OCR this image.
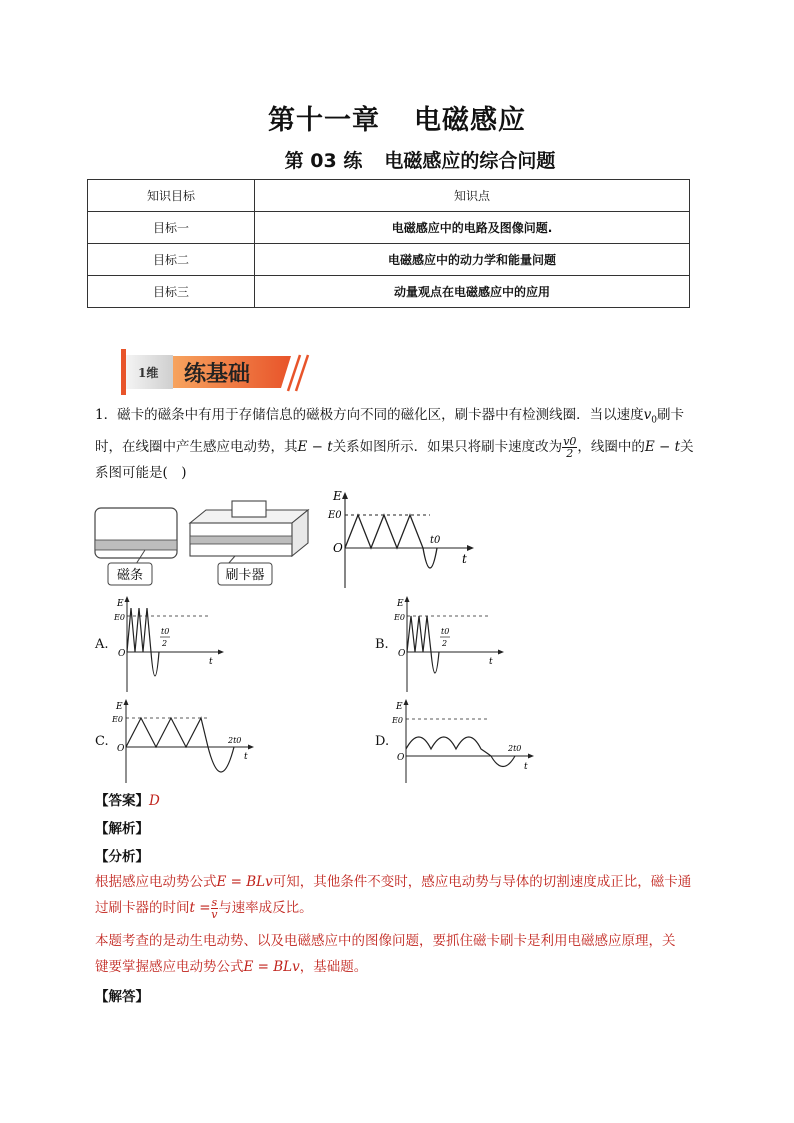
第十一章 电磁感应
第 03 练 电磁感应的综合问题
知识目标	知识点
目标一	电磁感应中的电路及图像问题.
目标二	电磁感应中的动力学和能量问题
目标三	动量观点在电磁感应中的应用
1维 练基础
1．磁卡的磁条中有用于存储信息的磁极方向不同的磁化区，刷卡器中有检测线圈．当以速度$v_0$刷卡
时，在线圈中产生感应电动势，其E − t关系如图所示．如果只将刷卡速度改为 $\frac{v0}{2}$ ，线圈中的E − t关
系图可能是(　)
磁条	刷卡器
E
E0
O
t
t0
A.
E
E0
O
t
t0
2	B.
E
E0
O
t
t0
2
C.
E
E0
O
t
2t0	D.
E
E0
O
t
2t0
【答案】D
【解析】
【分析】
根据感应电动势公式E = BLv可知，其他条件不变时，感应电动势与导体的切割速度成正比，磁卡通
过刷卡器的时间$t = \frac{s}{v}$ 与速率成反比。
本题考查的是动生电动势、以及电磁感应中的图像问题，要抓住磁卡刷卡是利用电磁感应原理，关
键要掌握感应电动势公式E = BLv，基础题。
【解答】
